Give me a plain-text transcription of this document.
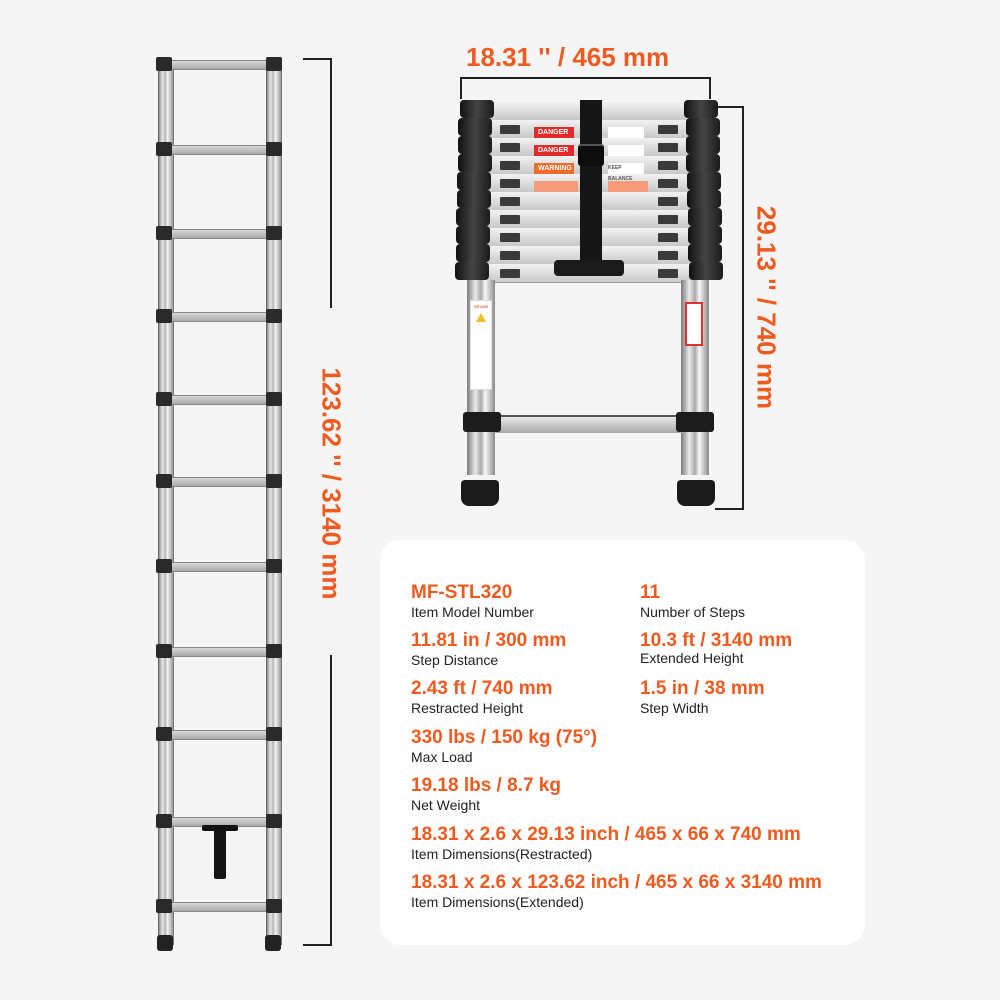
123.62 '' / 3140 mm
18.31 '' / 465 mm
29.13 '' / 740 mm
DANGER
DANGER
WARNING	KEEP BALANCE
VEVOR
MF-STL320
Item Model Number
11
Number of Steps
11.81 in / 300 mm
Step Distance
10.3 ft / 3140 mm
Extended Height
2.43 ft / 740 mm
Restracted Height
1.5 in / 38 mm
Step Width
330 lbs / 150 kg (75°)
Max Load
19.18 lbs / 8.7 kg
Net Weight
18.31 x 2.6 x 29.13 inch / 465 x 66 x 740 mm
Item Dimensions(Restracted)
18.31 x 2.6 x 123.62 inch / 465 x 66 x 3140 mm
Item Dimensions(Extended)
